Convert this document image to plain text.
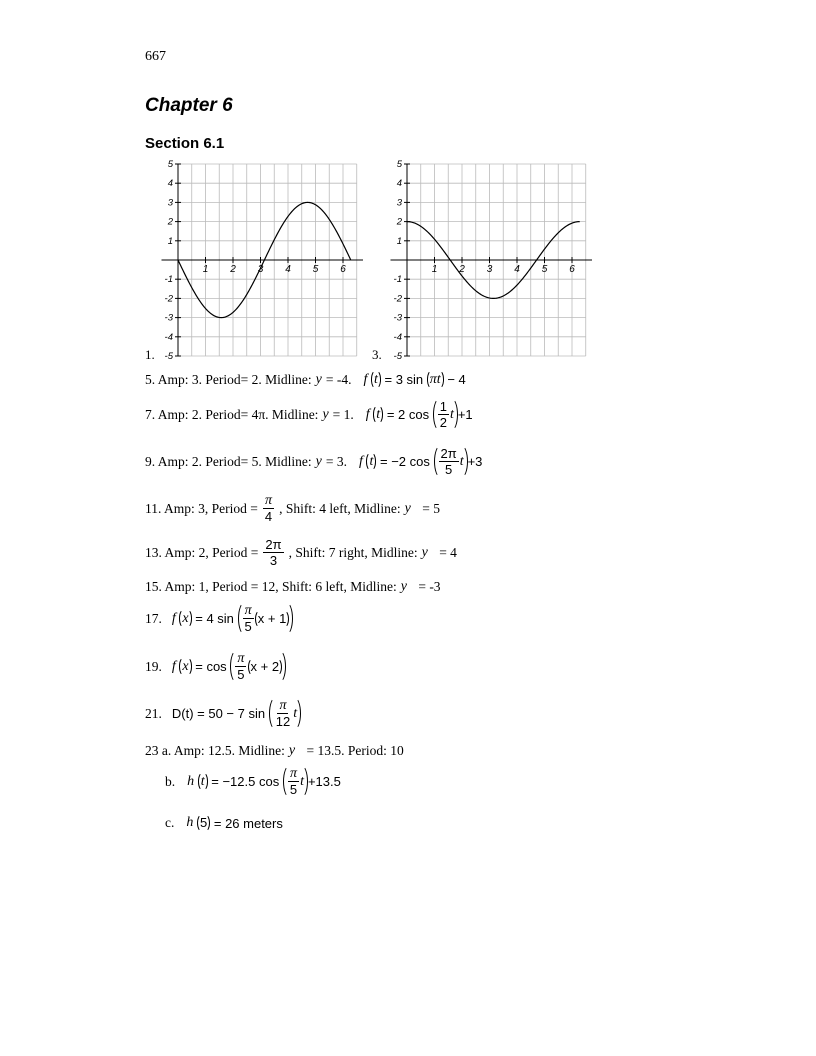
667
Chapter 6
Section 6.1
-5
-4
-3
-2
-1
1
2
3
4
5
1 2 3 4 5 6
-5
-4
-3
-2
-1
1
2
3
4
5
1 2 3 4 5 6
1.	3.
5. Amp: 3. Period= 2. Midline: y = -4. f
t = 3 sin
πt
− 4
7. Amp: 2. Period= 4π. Midline: y = 1. f
t
= 2 cos
$\frac{1}{2}$ t +1
9. Amp: 2. Period= 5. Midline: y = 3. f
t
= −2 cos
$\frac{2\pi}{5}$ t +3
11. Amp: 3, Period = $\frac{\pi}{4}$ , Shift: 4 left, Midline: y
= 5
13. Amp: 2, Period = $\frac{2\pi}{3}$ , Shift: 7 right, Midline: y
= 4
15. Amp: 1, Period = 12, Shift: 6 left, Midline: y
= -3
17. f
x
= 4 sin
$\frac{\pi}{5}$ x + 1
19. f
x
= cos
$\frac{\pi}{5}$ x + 2
21. D(t) = 50 − 7 sin
$\frac{\pi}{12}$ t
23 a. Amp: 12.5. Midline: y
= 13.5. Period: 10
b. h
t
= −12.5 cos
$\frac{\pi}{5}$ t +13.5
c. h
5
= 26 meters
